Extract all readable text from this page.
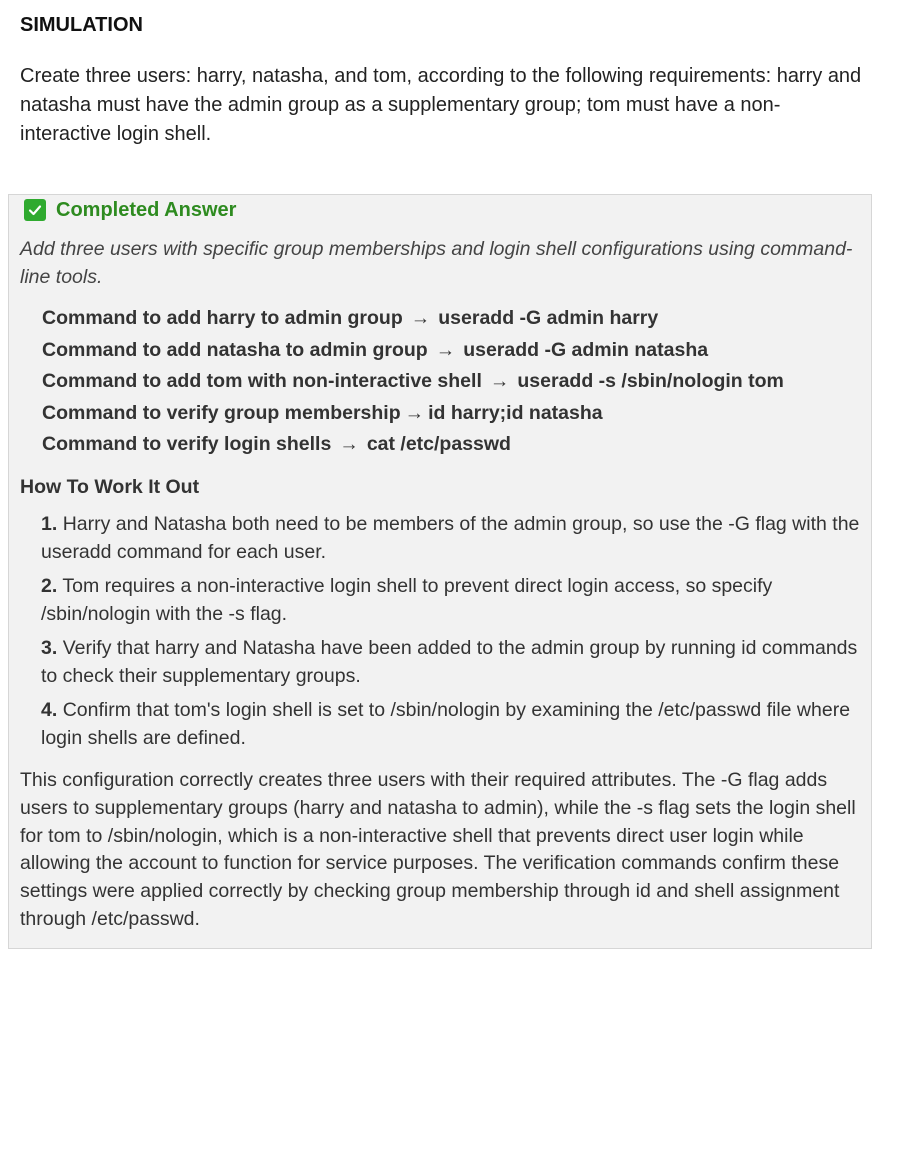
SIMULATION

Create three users: harry, natasha, and tom, according to the following requirements: harry and natasha must have the admin group as a supplementary group; tom must have a non-interactive login shell.

Completed Answer

Add three users with specific group memberships and login shell configurations using command-line tools.

Command to add harry to admin group → useradd -G admin harry
Command to add natasha to admin group → useradd -G admin natasha
Command to add tom with non-interactive shell → useradd -s /sbin/nologin tom
Command to verify group membership → id harry;id natasha
Command to verify login shells → cat /etc/passwd
How To Work It Out
1. Harry and Natasha both need to be members of the admin group, so use the -G flag with the useradd command for each user.
2. Tom requires a non-interactive login shell to prevent direct login access, so specify /sbin/nologin with the -s flag.
3. Verify that harry and Natasha have been added to the admin group by running id commands to check their supplementary groups.
4. Confirm that tom's login shell is set to /sbin/nologin by examining the /etc/passwd file where login shells are defined.

This configuration correctly creates three users with their required attributes. The -G flag adds users to supplementary groups (harry and natasha to admin), while the -s flag sets the login shell for tom to /sbin/nologin, which is a non-interactive shell that prevents direct user login while allowing the account to function for service purposes. The verification commands confirm these settings were applied correctly by checking group membership through id and shell assignment through /etc/passwd.
